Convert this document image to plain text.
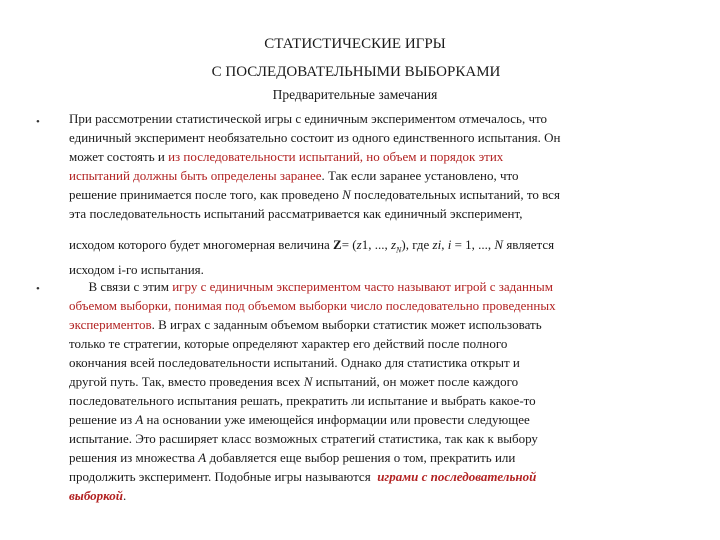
СТАТИСТИЧЕСКИЕ ИГРЫ
С ПОСЛЕДОВАТЕЛЬНЫМИ ВЫБОРКАМИ
Предварительные замечания
•
•
При рассмотрении статистической игры с единичным экспериментом отмечалось, что
единичный эксперимент необязательно состоит из одного единственного испытания. Он
может состоять и из последовательности испытаний, но объем и порядок этих
испытаний должны быть определены заранее. Так если заранее установлено, что
решение принимается после того, как проведено N последовательных испытаний, то вся
эта последовательность испытаний рассматривается как единичный эксперимент,
исходом которого будет многомерная величина Z= (z1, ..., $z_N$), где zi, i = 1, ..., N является
исходом i-го испытания.
В связи с этим игру с единичным экспериментом часто называют игрой с заданным
объемом выборки, понимая под объемом выборки число последовательно проведенных
экспериментов. В играх с заданным объемом выборки статистик может использовать
только те стратегии, которые определяют характер его действий после полного
окончания всей последовательности испытаний. Однако для статистика открыт и
другой путь. Так, вместо проведения всех N испытаний, он может после каждого
последовательного испытания решать, прекратить ли испытание и выбрать какое-то
решение из A на основании уже имеющейся информации или провести следующее
испытание. Это расширяет класс возможных стратегий статистика, так как к выбору
решения из множества A добавляется еще выбор решения о том, прекратить или
продолжить эксперимент. Подобные игры называются  играми с последовательной
выборкой.
